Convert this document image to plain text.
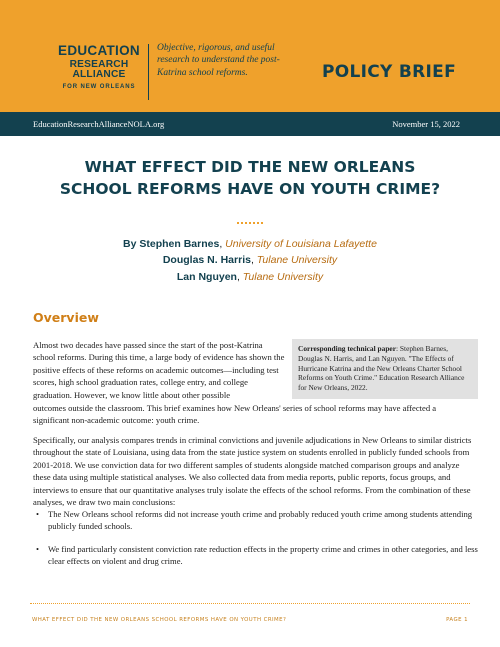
EDUCATION
RESEARCH ALLIANCE
FOR NEW ORLEANS
Objective, rigorous, and useful research to understand the post-Katrina school reforms.	POLICY BRIEF
EducationResearchAllianceNOLA.org	November 15, 2022
WHAT EFFECT DID THE NEW ORLEANS
SCHOOL REFORMS HAVE ON YOUTH CRIME?
By Stephen Barnes, University of Louisiana Lafayette
Douglas N. Harris, Tulane University
Lan Nguyen, Tulane University
Overview

Almost two decades have passed since the start of the post-Katrina school reforms. During this time, a large body of evidence has shown the positive effects of these reforms on academic outcomes—including test scores, high school graduation rates, college entry, and college graduation. However, we know little about other possible

Corresponding technical paper: Stephen Barnes, Douglas N. Harris, and Lan Nguyen. "The Effects of Hurricane Katrina and the New Orleans Charter School Reforms on Youth Crime." Education Research Alliance for New Orleans, 2022.

outcomes outside the classroom. This brief examines how New Orleans' series of school reforms may have affected a significant non-academic outcome: youth crime.

Specifically, our analysis compares trends in criminal convictions and juvenile adjudications in New Orleans to similar districts throughout the state of Louisiana, using data from the state justice system on students enrolled in publicly funded schools from 2001-2018. We use conviction data for two different samples of students alongside matched comparison groups and analyze these data using multiple statistical analyses. We also collected data from media reports, public reports, focus groups, and interviews to ensure that our quantitative analyses truly isolate the effects of the school reforms. From the combination of these analyses, we draw two main conclusions:

• The New Orleans school reforms did not increase youth crime and probably reduced youth crime among students attending publicly funded schools.
• We find particularly consistent conviction rate reduction effects in the property crime and crimes in other categories, and less clear effects on violent and drug crime.
WHAT EFFECT DID THE NEW ORLEANS SCHOOL REFORMS HAVE ON YOUTH CRIME?	PAGE 1
